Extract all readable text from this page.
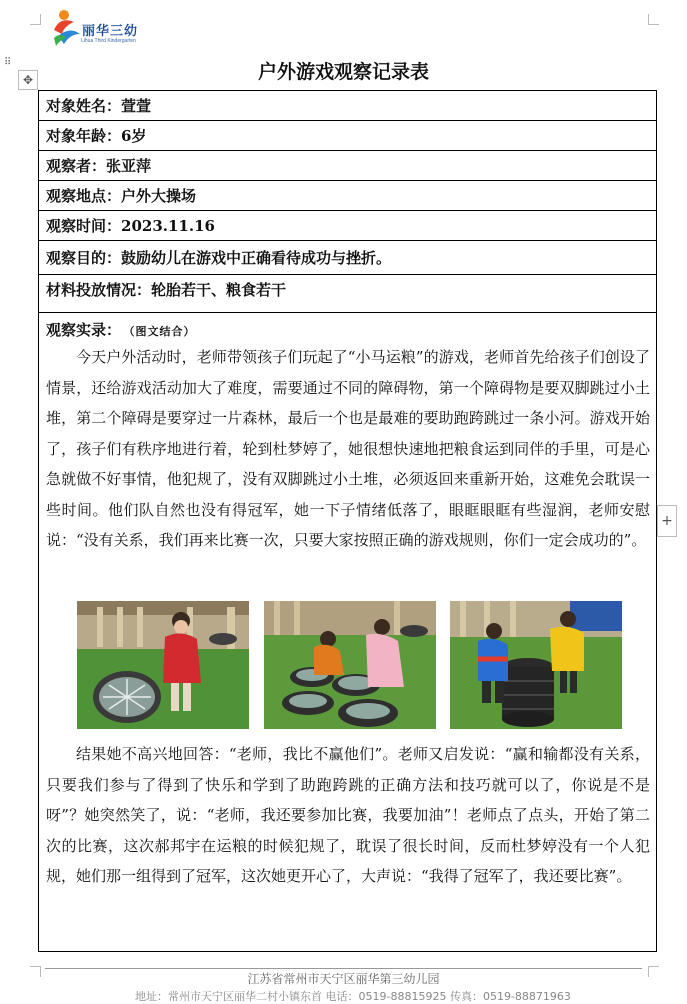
丽华三幼
Lihua Third Kindergarten
⠿
✥
+
户外游戏观察记录表
对象姓名： 萱萱
对象年龄： 6岁
观察者： 张亚萍
观察地点： 户外大操场
观察时间： 2023.11.16
观察目的： 鼓励幼儿在游戏中正确看待成功与挫折。
材料投放情况： 轮胎若干、粮食若干
观察实录： （图文结合）

今天户外活动时，老师带领孩子们玩起了“小马运粮”的游戏，老师首先给孩子们创设了情景，还给游戏活动加大了难度，需要通过不同的障碍物，第一个障碍物是要双脚跳过小土堆，第二个障碍是要穿过一片森林，最后一个也是最难的要助跑跨跳过一条小河。游戏开始了，孩子们有秩序地进行着，轮到杜梦婷了，她很想快速地把粮食运到同伴的手里，可是心急就做不好事情，他犯规了，没有双脚跳过小土堆，必须返回来重新开始，这难免会耽误一些时间。他们队自然也没有得冠军，她一下子情绪低落了，眼眶眼眶有些湿润，老师安慰说：“没有关系，我们再来比赛一次，只要大家按照正确的游戏规则，你们一定会成功的”。

结果她不高兴地回答：“老师，我比不赢他们”。老师又启发说：“赢和输都没有关系，只要我们参与了得到了快乐和学到了助跑跨跳的正确方法和技巧就可以了，你说是不是呀”？她突然笑了，说：“老师，我还要参加比赛，我要加油”！老师点了点头，开始了第二次的比赛，这次郝邦宇在运粮的时候犯规了，耽误了很长时间，反而杜梦婷没有一个人犯规，她们那一组得到了冠军，这次她更开心了，大声说：“我得了冠军了，我还要比赛”。

江苏省常州市天宁区丽华第三幼儿园
地址：常州市天宁区丽华二村小镇东首 电话：0519-88815925 传真：0519-88871963
